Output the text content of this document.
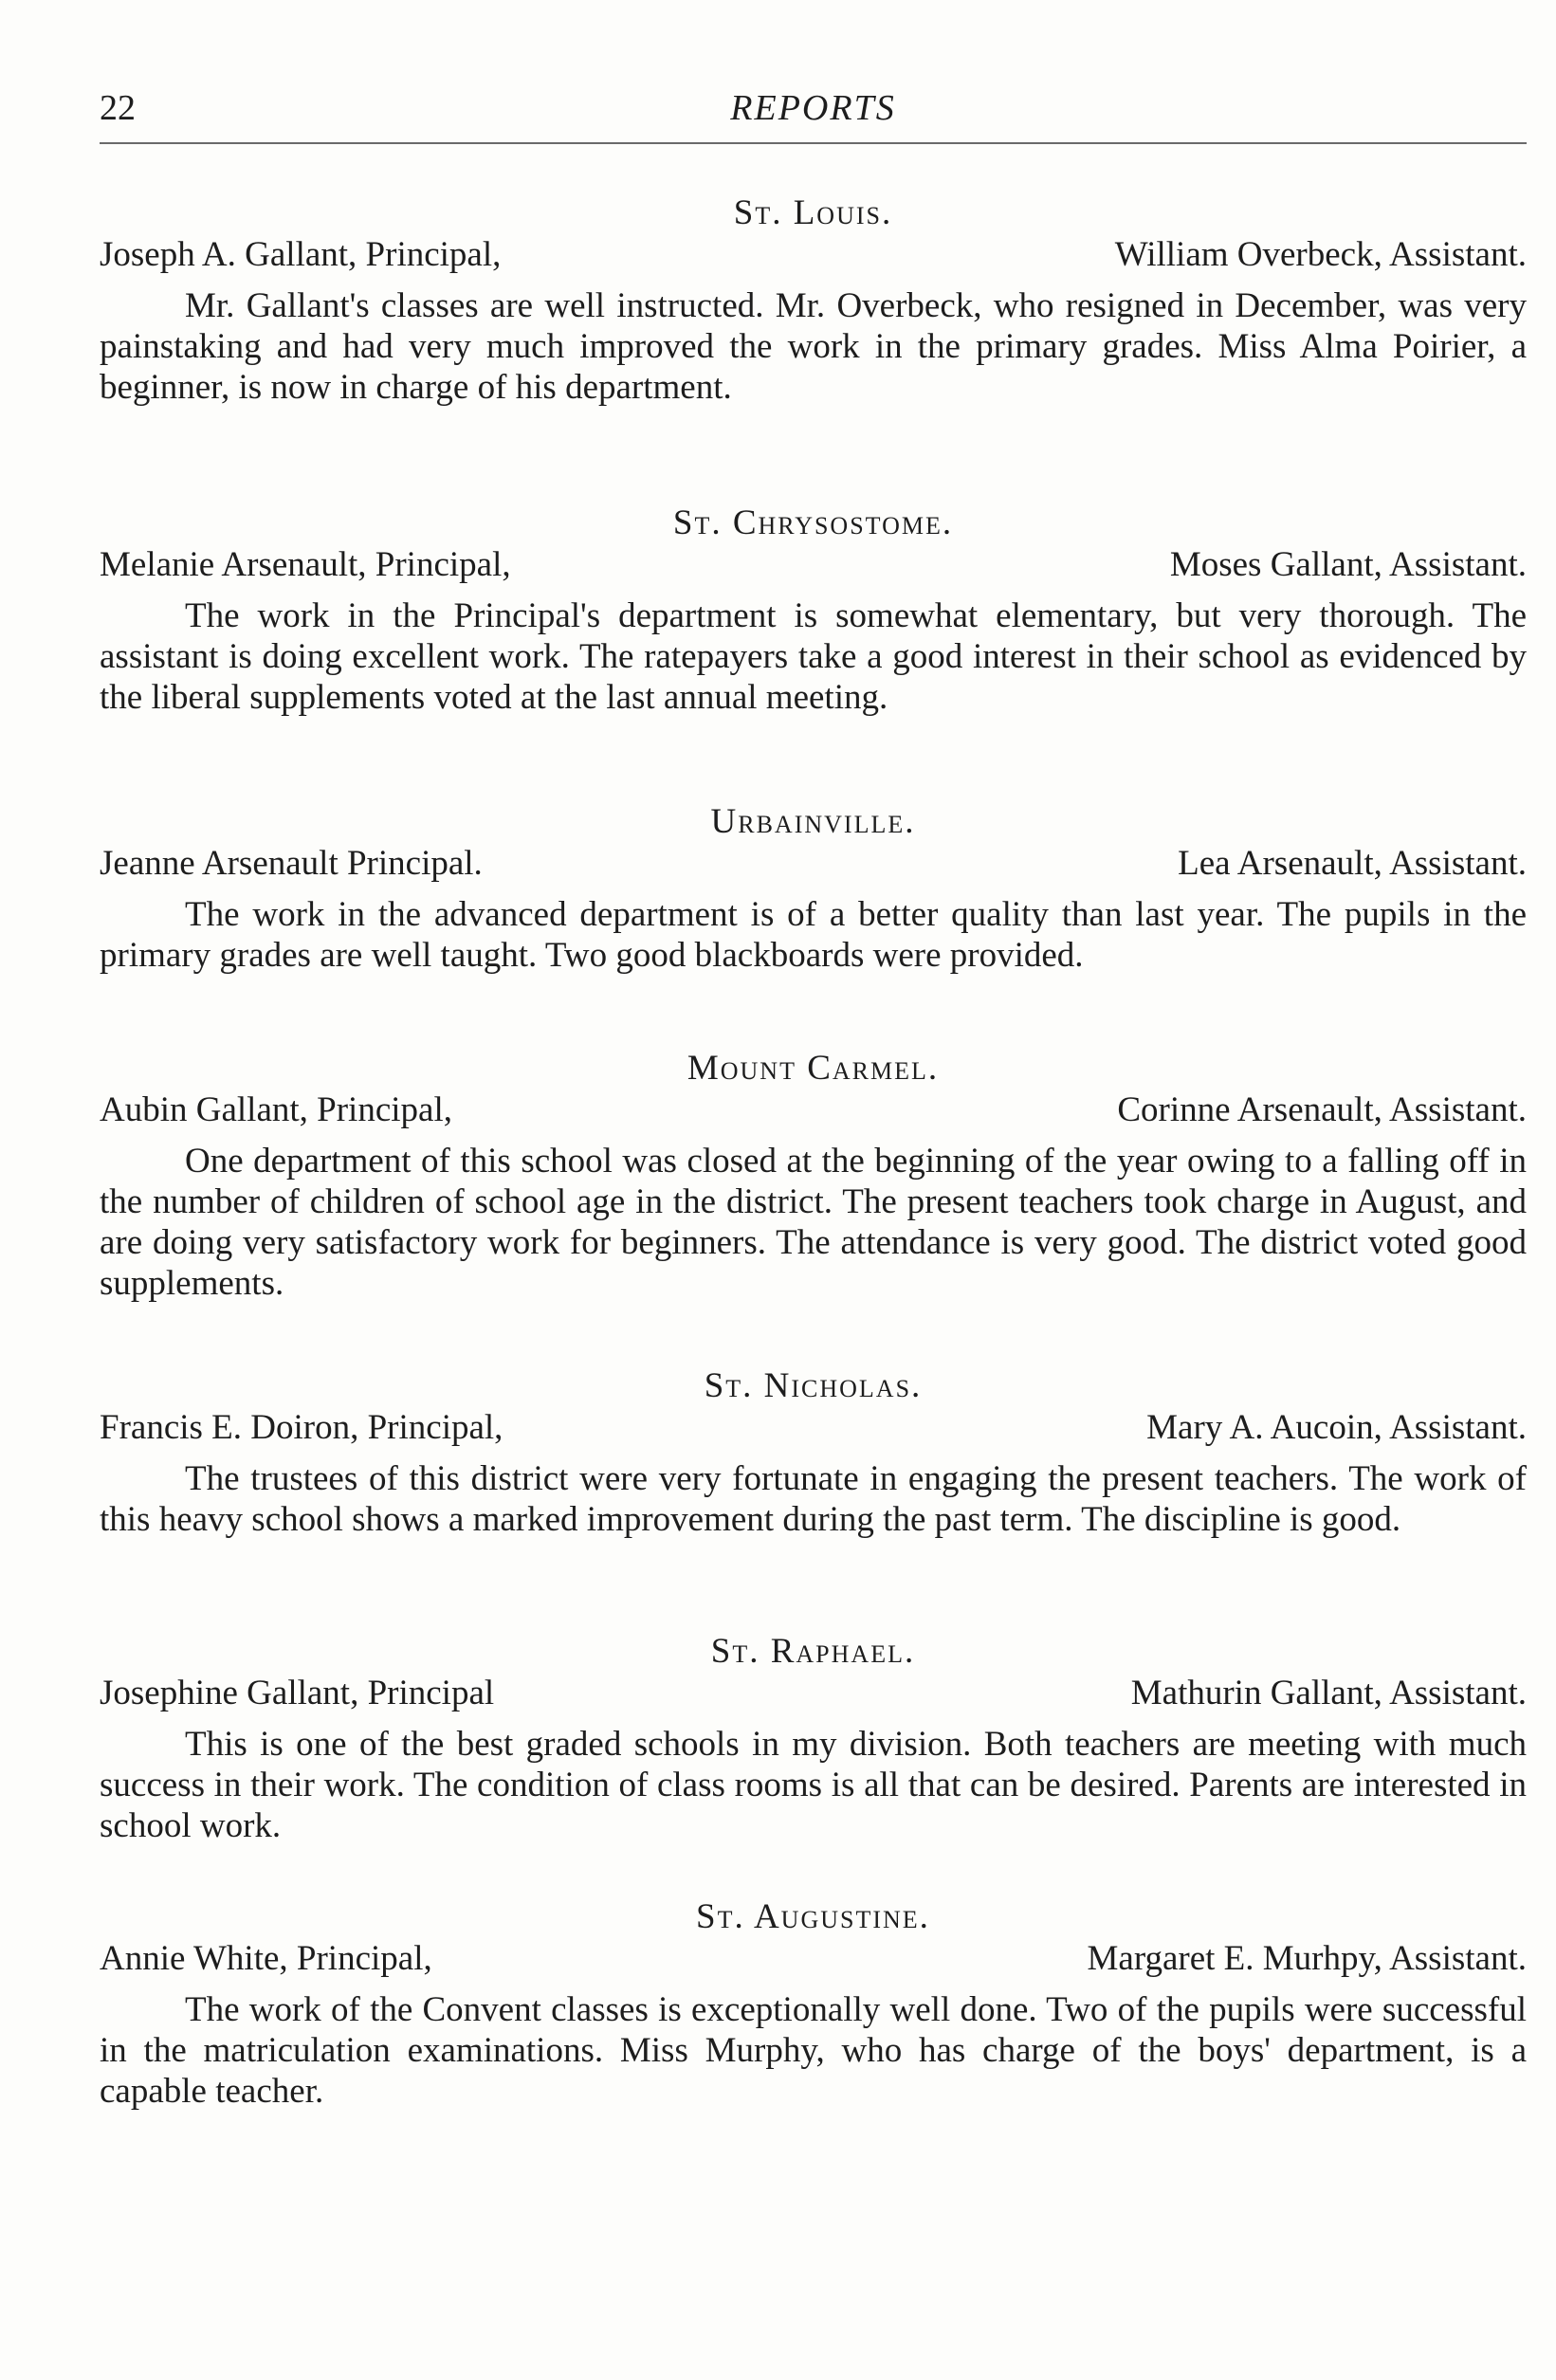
22	REPORTS

St. Louis.

Joseph A. Gallant, Principal,	William Overbeck, Assistant.

Mr. Gallant's classes are well instructed. Mr. Overbeck, who resigned in December, was very painstaking and had very much improved the work in the primary grades. Miss Alma Poirier, a beginner, is now in charge of his department.

St. Chrysostome.

Melanie Arsenault, Principal,	Moses Gallant, Assistant.

The work in the Principal's department is somewhat elementary, but very thorough. The assistant is doing excellent work. The ratepayers take a good interest in their school as evidenced by the liberal supplements voted at the last annual meeting.

Urbainville.

Jeanne Arsenault Principal.	Lea Arsenault, Assistant.

The work in the advanced department is of a better quality than last year. The pupils in the primary grades are well taught. Two good blackboards were provided.

Mount Carmel.

Aubin Gallant, Principal,	Corinne Arsenault, Assistant.

One department of this school was closed at the beginning of the year owing to a falling off in the number of children of school age in the district. The present teachers took charge in August, and are doing very satisfactory work for beginners. The attendance is very good. The district voted good supplements.

St. Nicholas.

Francis E. Doiron, Principal,	Mary A. Aucoin, Assistant.

The trustees of this district were very fortunate in engaging the present teachers. The work of this heavy school shows a marked improvement during the past term. The discipline is good.

St. Raphael.

Josephine Gallant, Principal	Mathurin Gallant, Assistant.

This is one of the best graded schools in my division. Both teachers are meeting with much success in their work. The condition of class rooms is all that can be desired. Parents are interested in school work.

St. Augustine.

Annie White, Principal,	Margaret E. Murhpy, Assistant.

The work of the Convent classes is exceptionally well done. Two of the pupils were successful in the matriculation examinations. Miss Murphy, who has charge of the boys' department, is a capable teacher.
